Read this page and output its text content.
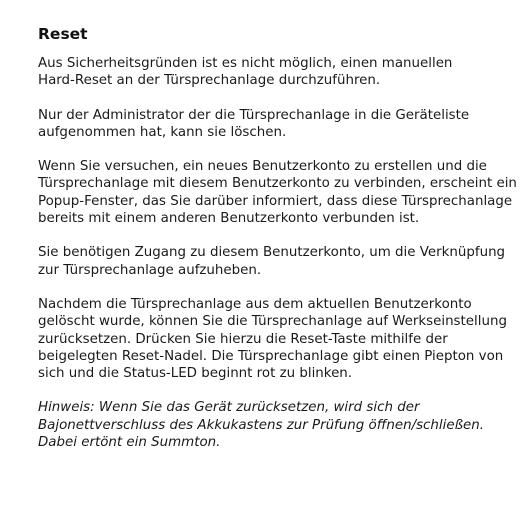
Reset

Aus Sicherheitsgründen ist es nicht möglich, einen manuellen
Hard-Reset an der Türsprechanlage durchzuführen.

Nur der Administrator der die Türsprechanlage in die Geräteliste
aufgenommen hat, kann sie löschen.

Wenn Sie versuchen, ein neues Benutzerkonto zu erstellen und die
Türsprechanlage mit diesem Benutzerkonto zu verbinden, erscheint ein
Popup-Fenster, das Sie darüber informiert, dass diese Türsprechanlage
bereits mit einem anderen Benutzerkonto verbunden ist.

Sie benötigen Zugang zu diesem Benutzerkonto, um die Verknüpfung
zur Türsprechanlage aufzuheben.

Nachdem die Türsprechanlage aus dem aktuellen Benutzerkonto
gelöscht wurde, können Sie die Türsprechanlage auf Werkseinstellung
zurücksetzen. Drücken Sie hierzu die Reset-Taste mithilfe der
beigelegten Reset-Nadel. Die Türsprechanlage gibt einen Piepton von
sich und die Status-LED beginnt rot zu blinken.

Hinweis: Wenn Sie das Gerät zurücksetzen, wird sich der
Bajonettverschluss des Akkukastens zur Prüfung öffnen/schließen.
Dabei ertönt ein Summton.
